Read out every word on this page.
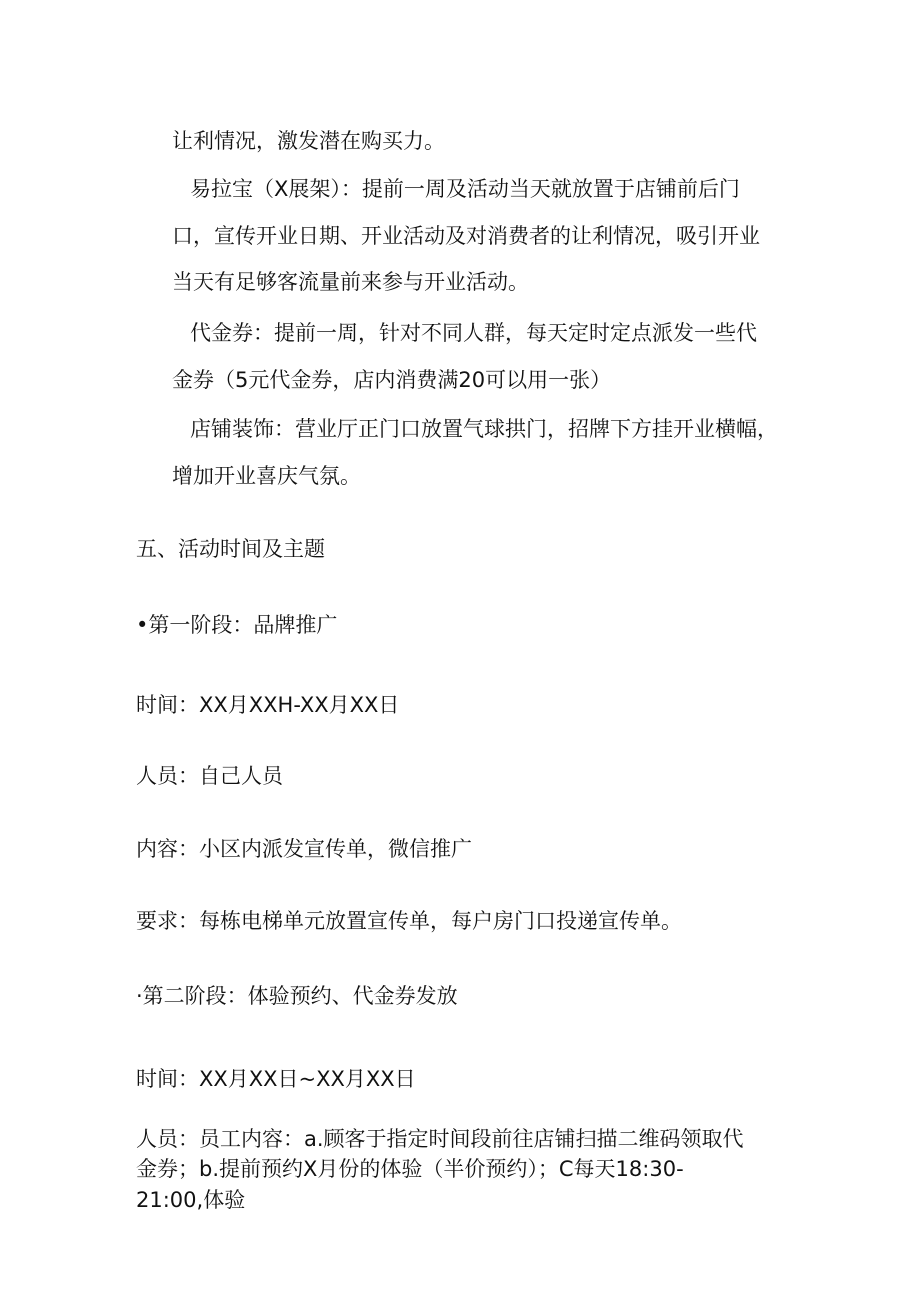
让利情况，激发潜在购买力。

易拉宝（X展架）：提前一周及活动当天就放置于店铺前后门
口，宣传开业日期、开业活动及对消费者的让利情况，吸引开业
当天有足够客流量前来参与开业活动。
代金券：提前一周，针对不同人群，每天定时定点派发一些代
金券（5元代金券，店内消费满20可以用一张）
店铺装饰：营业厅正门口放置气球拱门，招牌下方挂开业横幅，
增加开业喜庆气氛。

五、活动时间及主题

•第一阶段：品牌推广

时间：XX月XXH-XX月XX日

人员：自己人员

内容：小区内派发宣传单，微信推广

要求：每栋电梯单元放置宣传单，每户房门口投递宣传单。

·第二阶段：体验预约、代金券发放

时间：XX月XX日~XX月XX日

人员：员工内容：a.顾客于指定时间段前往店铺扫描二维码领取代
金券；b.提前预约X月份的体验（半价预约）；C每天18:30-
21:00,体验
